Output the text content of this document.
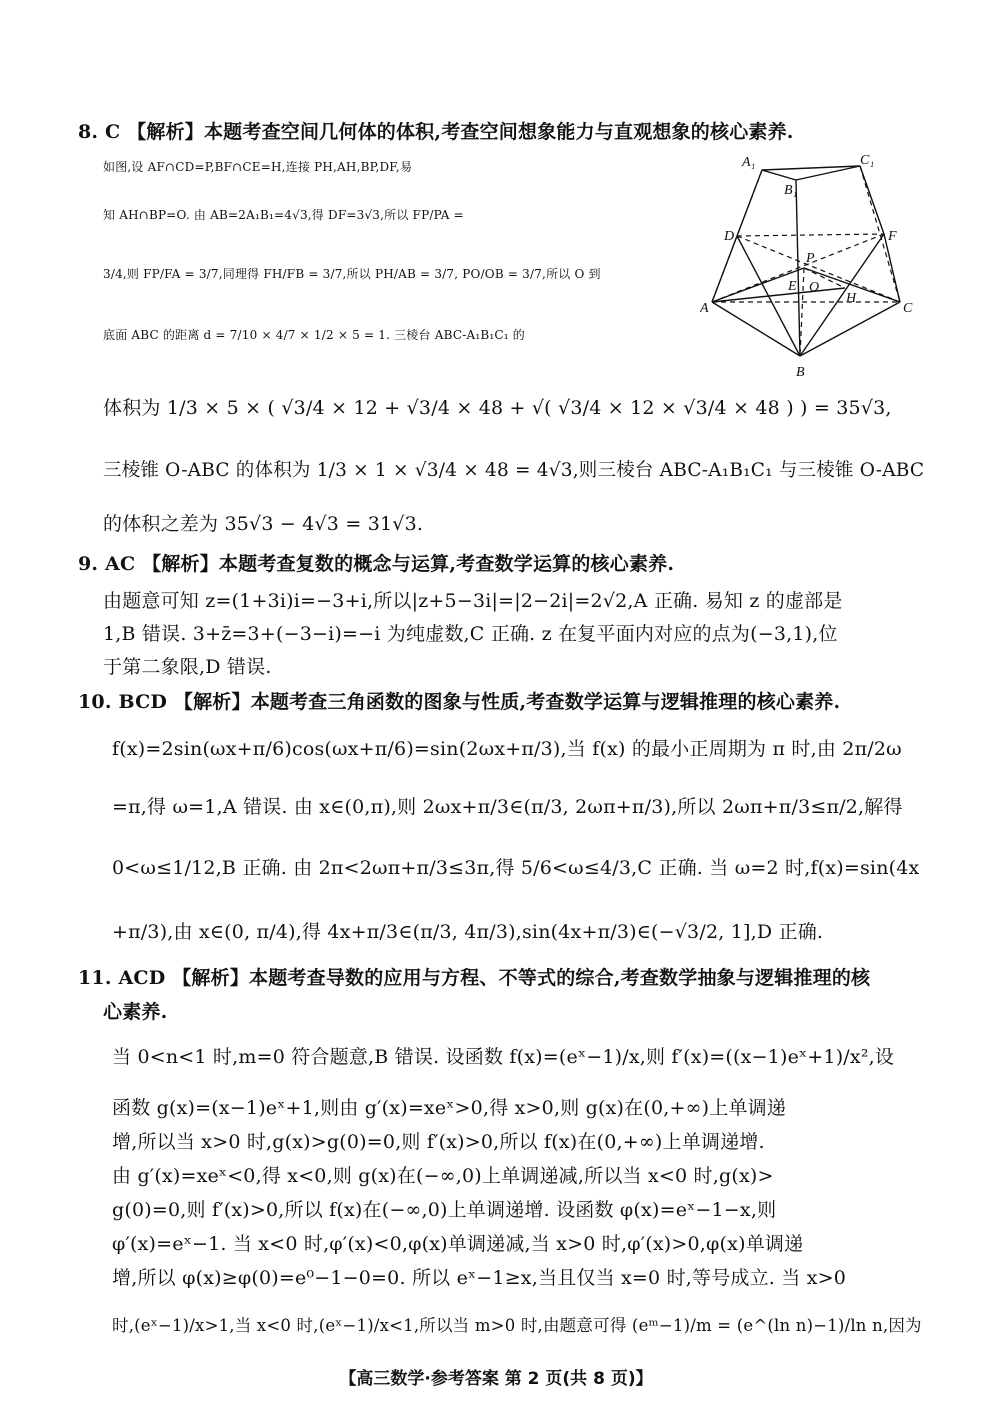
8. C 【解析】本题考查空间几何体的体积,考查空间想象能力与直观想象的核心素养.
如图,设 AF∩CD=P,BF∩CE=H,连接 PH,AH,BP,DF,易
知 AH∩BP=O. 由 AB=2A₁B₁=4√3,得 DF=3√3,所以 FP/PA =
3/4,则 FP/FA = 3/7,同理得 FH/FB = 3/7,所以 PH/AB = 3/7, PO/OB = 3/7,所以 O 到
底面 ABC 的距离 d = 7/10 × 4/7 × 1/2 × 5 = 1. 三棱台 ABC-A₁B₁C₁ 的
体积为 1/3 × 5 × ( √3/4 × 12 + √3/4 × 48 + √( √3/4 × 12 × √3/4 × 48 ) ) = 35√3,
三棱锥 O-ABC 的体积为 1/3 × 1 × √3/4 × 48 = 4√3,则三棱台 ABC-A₁B₁C₁ 与三棱锥 O-ABC
的体积之差为 35√3 − 4√3 = 31√3.
A₁
B₁
C₁
D	F
P
E O
H
A	C
B
9. AC 【解析】本题考查复数的概念与运算,考查数学运算的核心素养.
由题意可知 z=(1+3i)i=−3+i,所以|z+5−3i|=|2−2i|=2√2,A 正确. 易知 z 的虚部是
1,B 错误. 3+z̄=3+(−3−i)=−i 为纯虚数,C 正确. z 在复平面内对应的点为(−3,1),位
于第二象限,D 错误.
10. BCD 【解析】本题考查三角函数的图象与性质,考查数学运算与逻辑推理的核心素养.
f(x)=2sin(ωx+π/6)cos(ωx+π/6)=sin(2ωx+π/3),当 f(x) 的最小正周期为 π 时,由 2π/2ω
=π,得 ω=1,A 错误. 由 x∈(0,π),则 2ωx+π/3∈(π/3, 2ωπ+π/3),所以 2ωπ+π/3≤π/2,解得
0<ω≤1/12,B 正确. 由 2π<2ωπ+π/3≤3π,得 5/6<ω≤4/3,C 正确. 当 ω=2 时,f(x)=sin(4x
+π/3),由 x∈(0, π/4),得 4x+π/3∈(π/3, 4π/3),sin(4x+π/3)∈(−√3/2, 1],D 正确.
11. ACD 【解析】本题考查导数的应用与方程、不等式的综合,考查数学抽象与逻辑推理的核
心素养.
当 0<n<1 时,m=0 符合题意,B 错误. 设函数 f(x)=(eˣ−1)/x,则 f′(x)=((x−1)eˣ+1)/x²,设
函数 g(x)=(x−1)eˣ+1,则由 g′(x)=xeˣ>0,得 x>0,则 g(x)在(0,+∞)上单调递
增,所以当 x>0 时,g(x)>g(0)=0,则 f′(x)>0,所以 f(x)在(0,+∞)上单调递增.
由 g′(x)=xeˣ<0,得 x<0,则 g(x)在(−∞,0)上单调递减,所以当 x<0 时,g(x)>
g(0)=0,则 f′(x)>0,所以 f(x)在(−∞,0)上单调递增. 设函数 φ(x)=eˣ−1−x,则
φ′(x)=eˣ−1. 当 x<0 时,φ′(x)<0,φ(x)单调递减,当 x>0 时,φ′(x)>0,φ(x)单调递
增,所以 φ(x)≥φ(0)=e⁰−1−0=0. 所以 eˣ−1≥x,当且仅当 x=0 时,等号成立. 当 x>0
时,(eˣ−1)/x>1,当 x<0 时,(eˣ−1)/x<1,所以当 m>0 时,由题意可得 (eᵐ−1)/m = (e^(ln n)−1)/ln n,因为
【高三数学·参考答案 第 2 页(共 8 页)】
